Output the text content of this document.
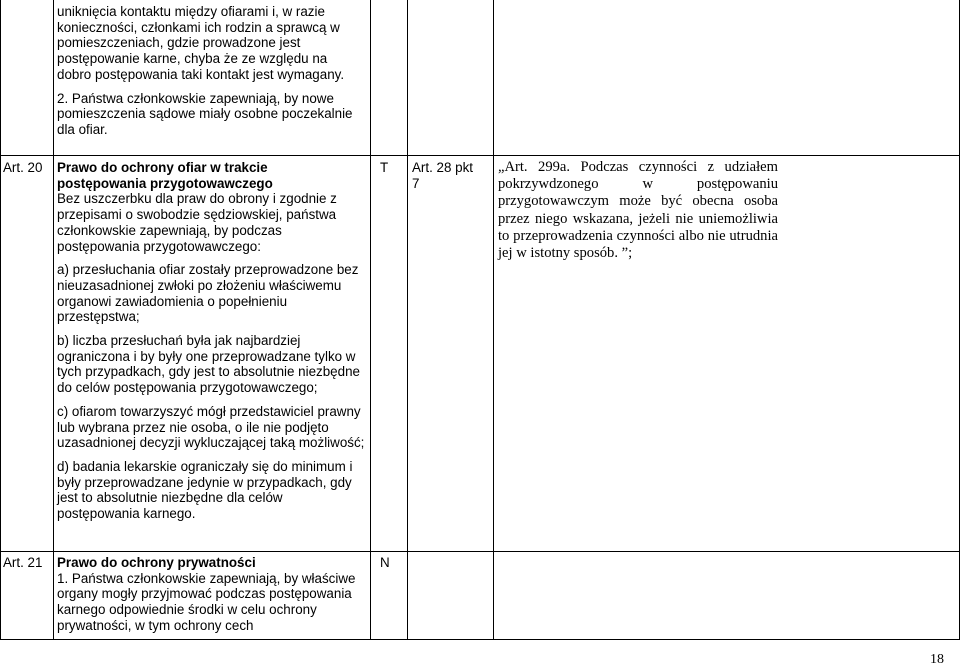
uniknięcia kontaktu między ofiarami i, w razie konieczności, członkami ich rodzin a sprawcą w pomieszczeniach, gdzie prowadzone jest postępowanie karne, chyba że ze względu na dobro postępowania taki kontakt jest wymagany.

2. Państwa członkowskie zapewniają, by nowe pomieszczenia sądowe miały osobne poczekalnie dla ofiar.

Art. 20	Prawo do ochrony ofiar w trakcie
postępowania przygotowawczego

Bez uszczerbku dla praw do obrony i zgodnie z przepisami o swobodzie sędziowskiej, państwa członkowskie zapewniają, by podczas postępowania przygotowawczego:

a) przesłuchania ofiar zostały przeprowadzone bez nieuzasadnionej zwłoki po złożeniu właściwemu organowi zawiadomienia o popełnieniu przestępstwa;

b) liczba przesłuchań była jak najbardziej ograniczona i by były one przeprowadzane tylko w tych przypadkach, gdy jest to absolutnie niezbędne do celów postępowania przygotowawczego;

c) ofiarom towarzyszyć mógł przedstawiciel prawny lub wybrana przez nie osoba, o ile nie podjęto uzasadnionej decyzji wykluczającej taką możliwość;

d) badania lekarskie ograniczały się do minimum i były przeprowadzane jedynie w przypadkach, gdy jest to absolutnie niezbędne dla celów postępowania karnego.

T Art. 28 pkt
7
„Art. 299a. Podczas czynności z udziałem pokrzywdzonego w postępowaniu przygotowawczym może być obecna osoba przez niego wskazana, jeżeli nie uniemożliwia to przeprowadzenia czynności albo nie utrudnia jej w istotny sposób. ”;
Art. 21	Prawo do ochrony prywatności
1. Państwa członkowskie zapewniają, by właściwe organy mogły przyjmować podczas postępowania karnego odpowiednie środki w celu ochrony prywatności, w tym ochrony cech
N
18
